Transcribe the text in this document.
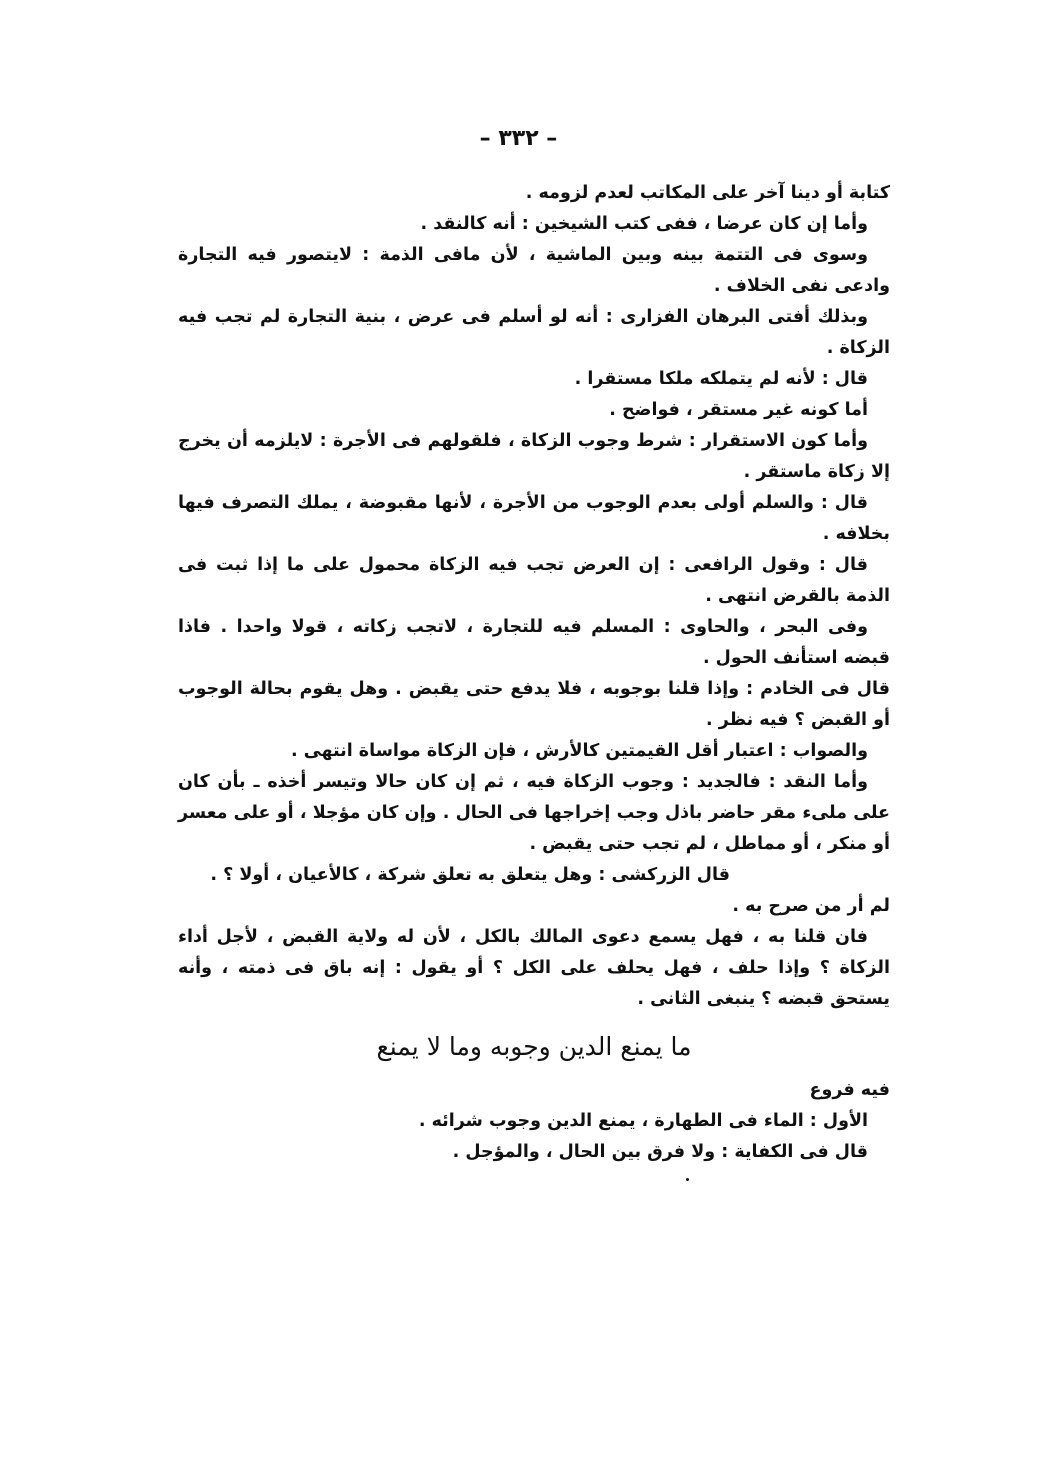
– ٣٣٢ –

كتابة أو دينا آخر على المكاتب لعدم لزومه .

وأما إن كان عرضا ، ففى كتب الشيخين : أنه كالنقد .

وسوى فى التتمة بينه وبين الماشية ، لأن مافى الذمة : لايتصور فيه التجارة وادعى نفى الخلاف .

وبذلك أفتى البرهان الفزارى : أنه لو أسلم فى عرض ، بنية التجارة لم تجب فيه الزكاة .

قال : لأنه لم يتملكه ملكا مستقرا .

أما كونه غير مستقر ، فواضح .

وأما كون الاستقرار : شرط وجوب الزكاة ، فلقولهم فى الأجرة : لايلزمه أن يخرج إلا زكاة ماستقر .

قال : والسلم أولى بعدم الوجوب من الأجرة ، لأنها مقبوضة ، يملك التصرف فيها بخلافه .

قال : وقول الرافعى : إن العرض تجب فيه الزكاة محمول على ما إذا ثبت فى الذمة بالقرض انتهى .

وفى البحر ، والحاوى : المسلم فيه للتجارة ، لاتجب زكاته ، قولا واحدا . فاذا قبضه استأنف الحول .

قال فى الخادم : وإذا قلنا بوجوبه ، فلا يدفع حتى يقبض . وهل يقوم بحالة الوجوب أو القبض ؟ فيه نظر .

والصواب : اعتبار أقل القيمتين كالأرش ، فإن الزكاة مواساة انتهى .

وأما النقد : فالجديد : وجوب الزكاة فيه ، ثم إن كان حالا وتيسر أخذه ـ بأن كان على ملىء مقر حاضر باذل وجب إخراجها فى الحال . وإن كان مؤجلا ، أو على معسر أو منكر ، أو مماطل ، لم تجب حتى يقبض .

قال الزركشى : وهل يتعلق به تعلق شركة ، كالأعيان ، أولا ؟ .

لم أر من صرح به .

فان قلنا به ، فهل يسمع دعوى المالك بالكل ، لأن له ولاية القبض ، لأجل أداء الزكاة ؟ وإذا حلف ، فهل يحلف على الكل ؟ أو يقول : إنه باق فى ذمته ، وأنه يستحق قبضه ؟ ينبغى الثانى .

ما يمنع الدين وجوبه وما لا يمنع
فيه فروع

الأول : الماء فى الطهارة ، يمنع الدين وجوب شرائه .

قال فى الكفاية : ولا فرق بين الحال ، والمؤجل .
